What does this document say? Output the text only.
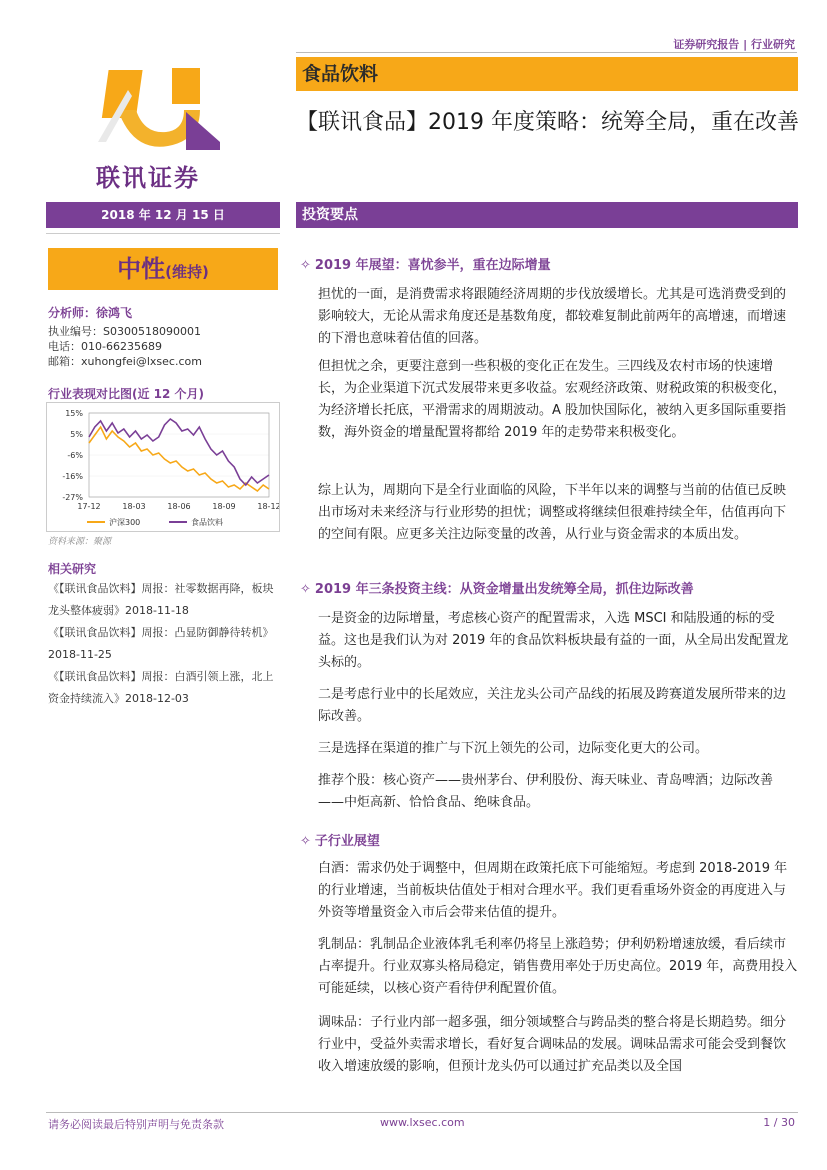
证券研究报告 | 行业研究
联讯证券
食品饮料
【联讯食品】2019 年度策略：统筹全局，重在改善
2018 年 12 月 15 日	投资要点
中性(维持)
分析师：徐鸿飞
执业编号：S0300518090001
电话：010-66235689
邮箱：xuhongfei@lxsec.com
行业表现对比图(近 12 个月)
15%
5%
-6%
-16%
-27%
17-12	18-03	18-06	18-09	18-12
沪深300	食品饮料
资料来源：聚源
相关研究
《【联讯食品饮料】周报：社零数据再降，板块龙头整体疲弱》2018-11-18
《【联讯食品饮料】周报：凸显防御静待转机》2018-11-25
《【联讯食品饮料】周报：白酒引领上涨，北上资金持续流入》2018-12-03
✧ 2019 年展望：喜忧参半，重在边际增量
担忧的一面，是消费需求将跟随经济周期的步伐放缓增长。尤其是可选消费受到的影响较大，无论从需求角度还是基数角度，都较难复制此前两年的高增速，而增速的下滑也意味着估值的回落。
但担忧之余，更要注意到一些积极的变化正在发生。三四线及农村市场的快速增长，为企业渠道下沉式发展带来更多收益。宏观经济政策、财税政策的积极变化，为经济增长托底，平滑需求的周期波动。A 股加快国际化，被纳入更多国际重要指数，海外资金的增量配置将都给 2019 年的走势带来积极变化。
综上认为，周期向下是全行业面临的风险，下半年以来的调整与当前的估值已反映出市场对未来经济与行业形势的担忧；调整或将继续但很难持续全年，估值再向下的空间有限。应更多关注边际变量的改善，从行业与资金需求的本质出发。
✧ 2019 年三条投资主线：从资金增量出发统筹全局，抓住边际改善
一是资金的边际增量，考虑核心资产的配置需求，入选 MSCI 和陆股通的标的受益。这也是我们认为对 2019 年的食品饮料板块最有益的一面，从全局出发配置龙头标的。
二是考虑行业中的长尾效应，关注龙头公司产品线的拓展及跨赛道发展所带来的边际改善。
三是选择在渠道的推广与下沉上领先的公司，边际变化更大的公司。
推荐个股：核心资产——贵州茅台、伊利股份、海天味业、青岛啤酒；边际改善——中炬高新、恰恰食品、绝味食品。
✧ 子行业展望
白酒：需求仍处于调整中，但周期在政策托底下可能缩短。考虑到 2018-2019 年的行业增速，当前板块估值处于相对合理水平。我们更看重场外资金的再度进入与外资等增量资金入市后会带来估值的提升。
乳制品：乳制品企业液体乳毛利率仍将呈上涨趋势；伊利奶粉增速放缓，看后续市占率提升。行业双寡头格局稳定，销售费用率处于历史高位。2019 年，高费用投入可能延续，以核心资产看待伊利配置价值。
调味品：子行业内部一超多强，细分领域整合与跨品类的整合将是长期趋势。细分行业中，受益外卖需求增长，看好复合调味品的发展。调味品需求可能会受到餐饮收入增速放缓的影响，但预计龙头仍可以通过扩充品类以及全国
请务必阅读最后特别声明与免责条款	www.lxsec.com	1 / 30
